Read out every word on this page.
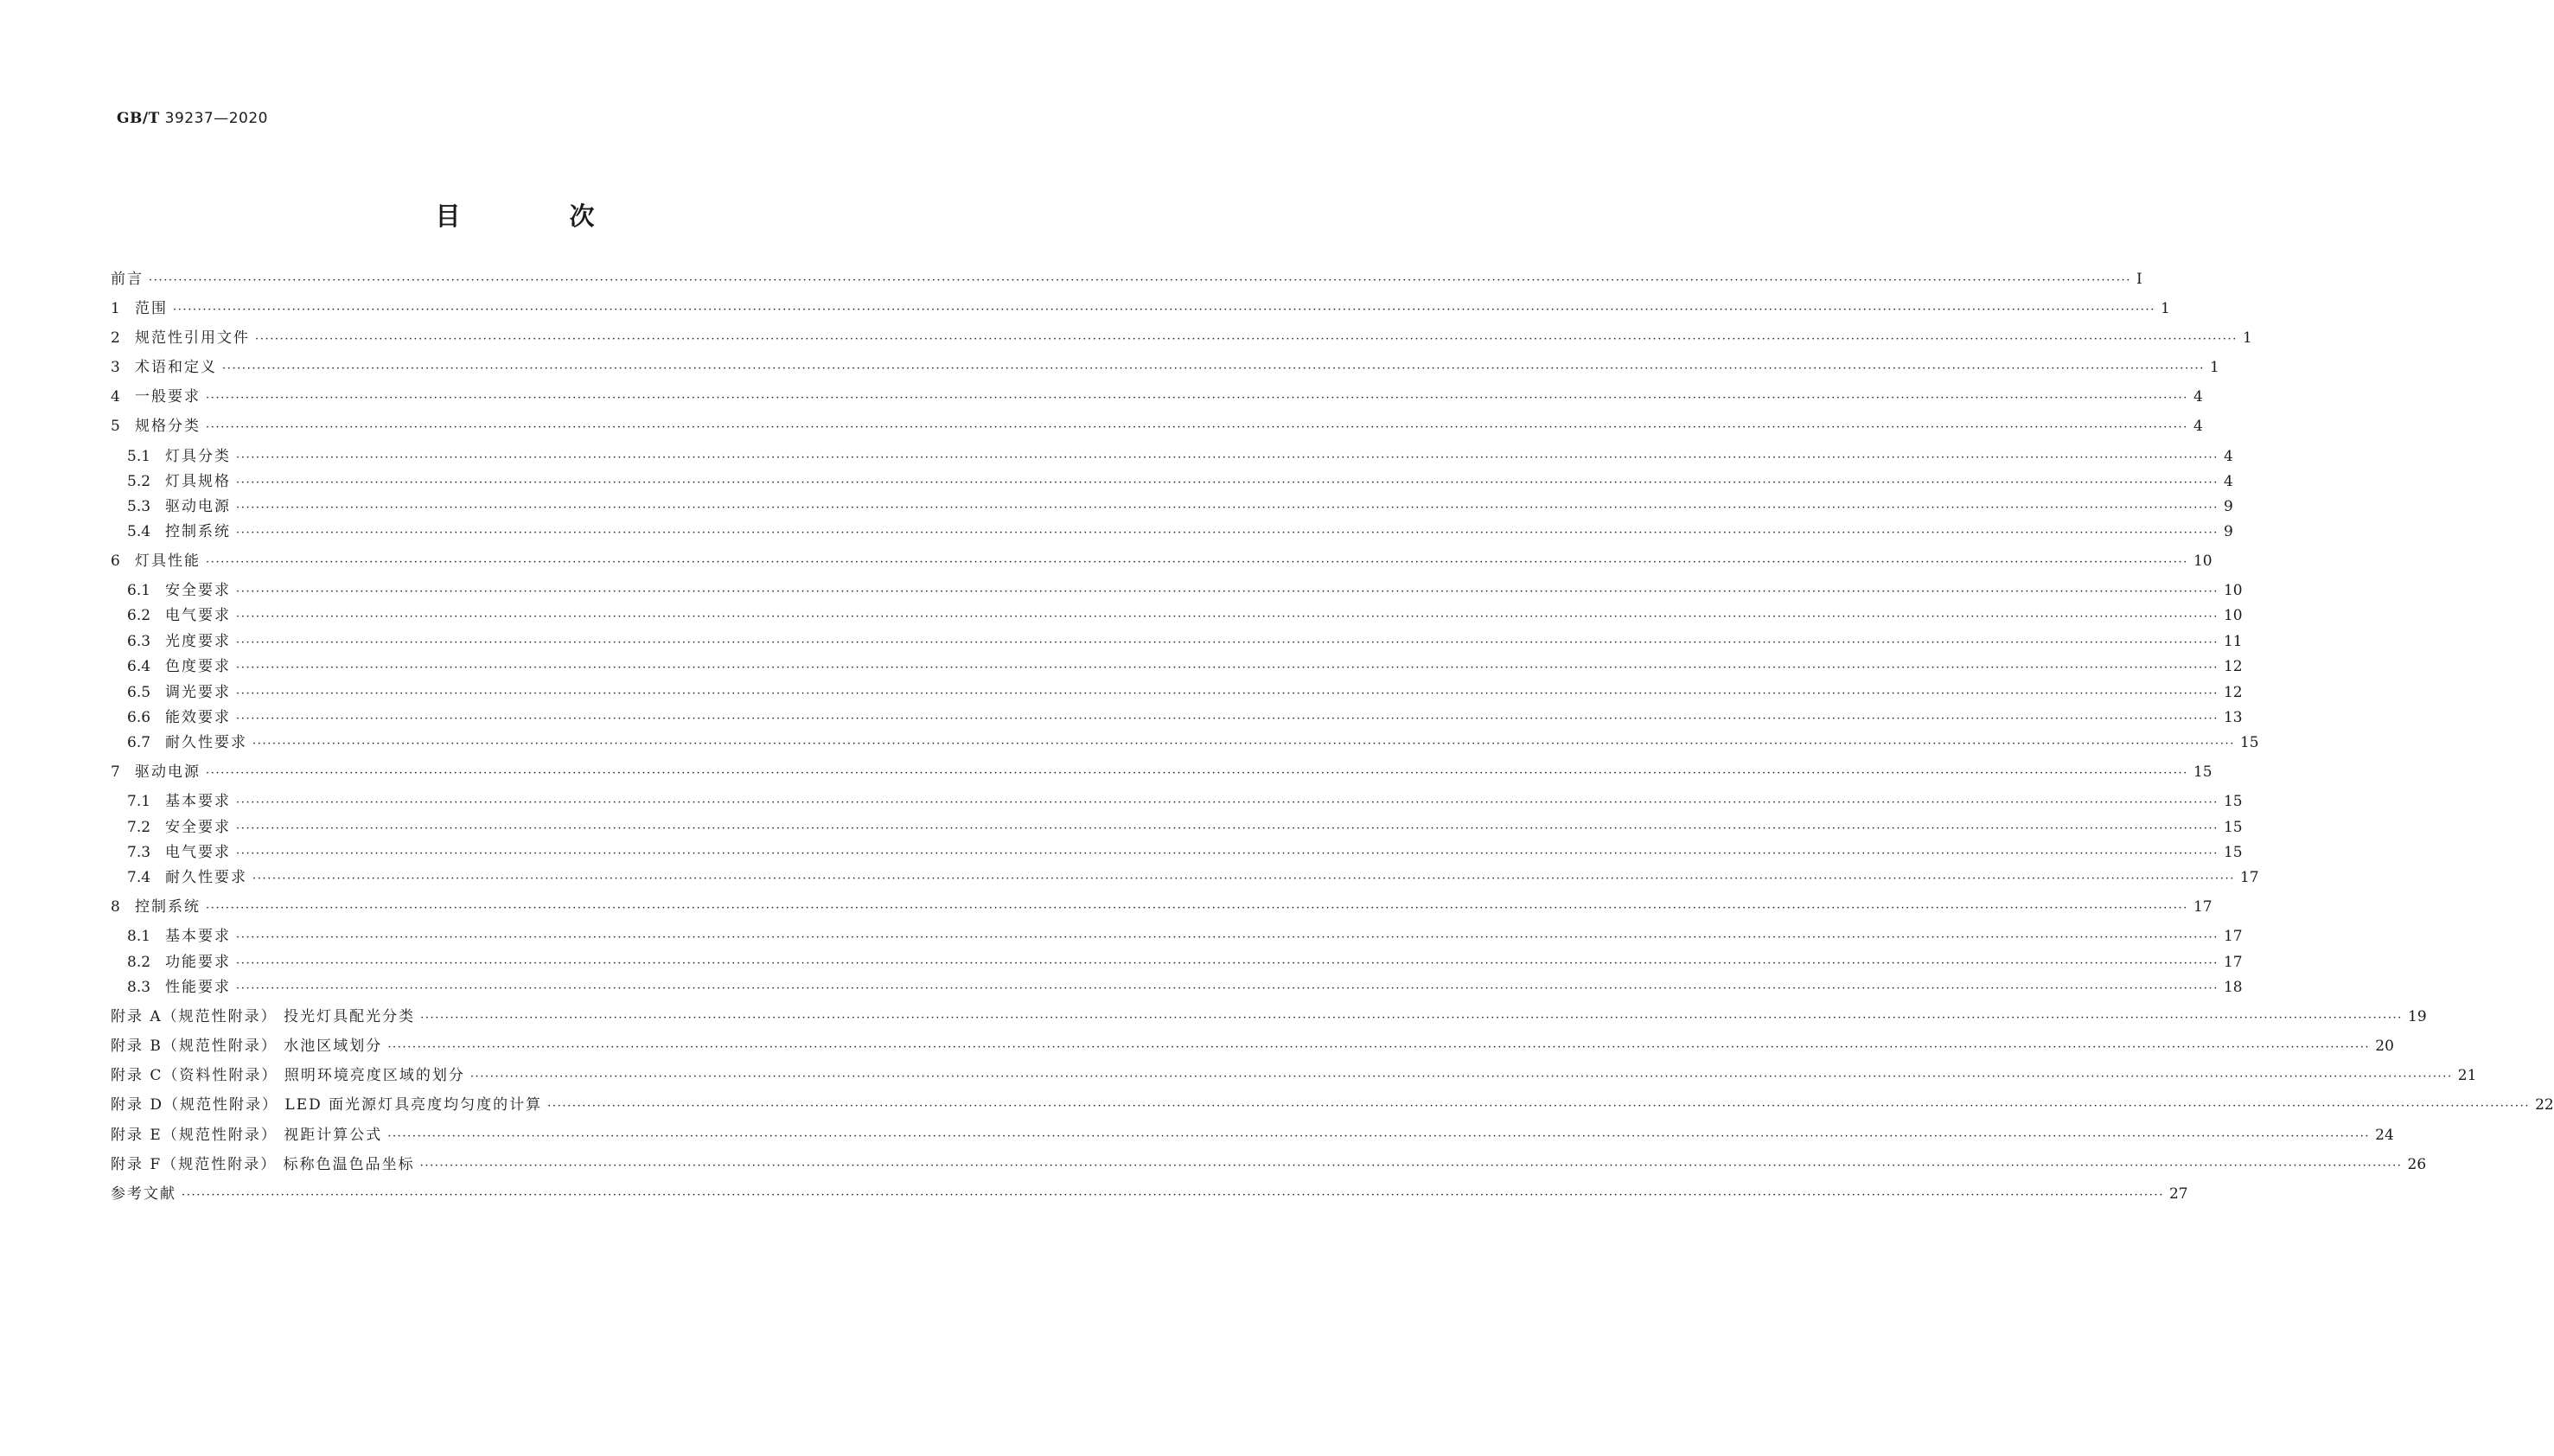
GB/T 39237—2020
目 次
前言 ················································································································································································································································································································································································································ Ⅰ
1	范围 ················································································································································································································································································································································································································ 1
2	规范性引用文件 ················································································································································································································································································································································································································ 1
3	术语和定义 ················································································································································································································································································································································································································ 1
4	一般要求 ················································································································································································································································································································································································································ 4
5	规格分类 ················································································································································································································································································································································································································ 4
5.1 灯具分类 ················································································································································································································································································································································································································ 4
5.2 灯具规格 ················································································································································································································································································································································································································ 4
5.3 驱动电源 ················································································································································································································································································································································································································ 9
5.4 控制系统 ················································································································································································································································································································································································································ 9
6	灯具性能 ················································································································································································································································································································································································································ 10
6.1 安全要求 ················································································································································································································································································································································································································ 10
6.2 电气要求 ················································································································································································································································································································································································································ 10
6.3 光度要求 ················································································································································································································································································································································································································ 11
6.4 色度要求 ················································································································································································································································································································································································································ 12
6.5 调光要求 ················································································································································································································································································································································································································ 12
6.6 能效要求 ················································································································································································································································································································································································································ 13
6.7 耐久性要求 ················································································································································································································································································································································································································ 15
7	驱动电源 ················································································································································································································································································································································································································ 15
7.1 基本要求 ················································································································································································································································································································································································································ 15
7.2 安全要求 ················································································································································································································································································································································································································ 15
7.3 电气要求 ················································································································································································································································································································································································································ 15
7.4 耐久性要求 ················································································································································································································································································································································································································ 17
8	控制系统 ················································································································································································································································································································································································································ 17
8.1 基本要求 ················································································································································································································································································································································································································ 17
8.2 功能要求 ················································································································································································································································································································································································································ 17
8.3 性能要求 ················································································································································································································································································································································································································ 18
附录 A（规范性附录） 投光灯具配光分类 ················································································································································································································································································································································································································ 19
附录 B（规范性附录） 水池区域划分 ················································································································································································································································································································································································································ 20
附录 C（资料性附录） 照明环境亮度区域的划分 ················································································································································································································································································································································································································ 21
附录 D（规范性附录） LED 面光源灯具亮度均匀度的计算 ················································································································································································································································································································································································································ 22
附录 E（规范性附录） 视距计算公式 ················································································································································································································································································································································································································ 24
附录 F（规范性附录） 标称色温色品坐标 ················································································································································································································································································································································································································ 26
参考文献 ················································································································································································································································································································································································································ 27
